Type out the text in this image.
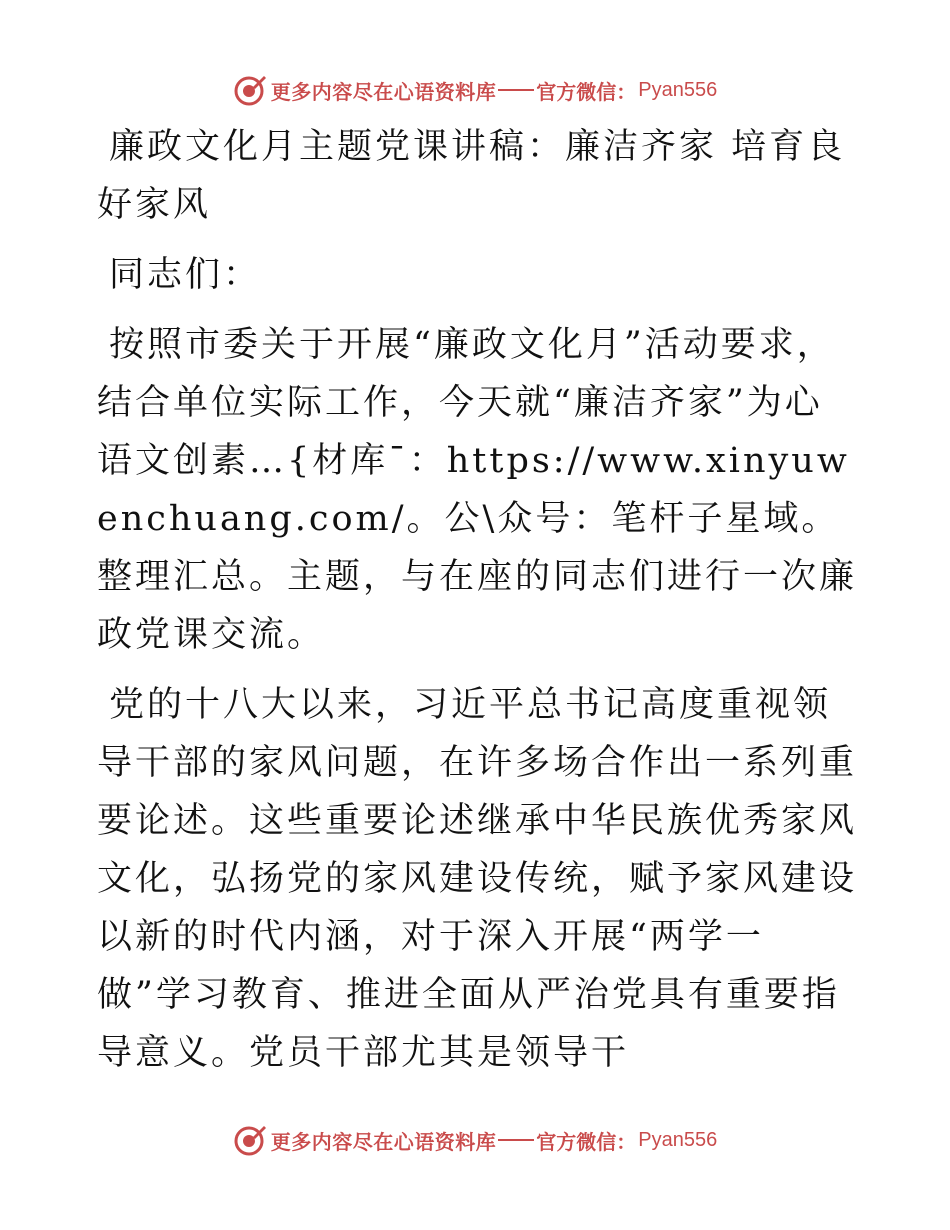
更多内容尽在心语资料库 官方微信： Pyan556

廉政文化月主题党课讲稿：廉洁齐家 培育良好家风

同志们：

按照市委关于开展“廉政文化月”活动要求，结合单位实际工作，今天就“廉洁齐家”为心语文创素…{材库¯：https://www.xinyuwenchuang.com/。公\众号：笔杆子星域。整理汇总。主题，与在座的同志们进行一次廉政党课交流。

党的十八大以来，习近平总书记高度重视领导干部的家风问题，在许多场合作出一系列重要论述。这些重要论述继承中华民族优秀家风文化，弘扬党的家风建设传统，赋予家风建设以新的时代内涵，对于深入开展“两学一做”学习教育、推进全面从严治党具有重要指导意义。党员干部尤其是领导干

更多内容尽在心语资料库 官方微信： Pyan556
